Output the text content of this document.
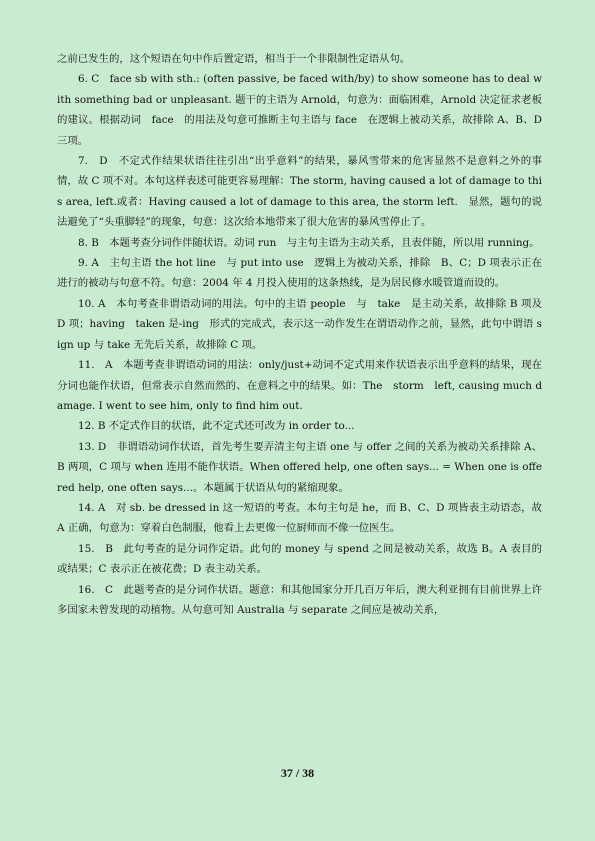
之前已发生的，这个短语在句中作后置定语，相当于一个非限制性定语从句。

6. C　face sb with sth.: (often passive, be faced with/by) to show someone has to deal with something bad or unpleasant. 题干的主语为 Arnold，句意为：面临困难，Arnold 决定征求老板的建议。根据动词　face　的用法及句意可推断主句主语与 face　在逻辑上被动关系，故排除 A、B、D 三项。

7.　D　不定式作结果状语往往引出“出乎意料”的结果，暴风雪带来的危害显然不是意料之外的事情，故 C 项不对。本句这样表述可能更容易理解：The storm, having caused a lot of damage to this area, left.或者：Having caused a lot of damage to this area, the storm left.　显然，题句的说法避免了“头重脚轻”的现象，句意：这次给本地带来了很大危害的暴风雪停止了。

8. B　本题考查分词作伴随状语。动词 run　与主句主语为主动关系，且表伴随，所以用 running。

9. A　主句主语 the hot line　与 put into use　逻辑上为被动关系，排除　B、C；D 项表示正在进行的被动与句意不符。句意：2004 年 4 月投入使用的这条热线，是为居民修水暖管道而设的。

10. A　本句考查非谓语动词的用法。句中的主语 people　与　take　是主动关系，故排除 B 项及 D 项；having　taken 是-ing　形式的完成式，表示这一动作发生在谓语动作之前，显然，此句中谓语 sign up 与 take 无先后关系，故排除 C 项。

11.　A　本题考查非谓语动词的用法：only/just+动词不定式用来作状语表示出乎意料的结果，现在分词也能作状语，但常表示自然而然的、在意料之中的结果。如：The　storm　left, causing much damage. I went to see him, only to find him out.

12. B 不定式作目的状语，此不定式还可改为 in order to...

13. D　非谓语动词作状语，首先考生要弄清主句主语 one 与 offer 之间的关系为被动关系排除 A、B 两项，C 项与 when 连用不能作状语。When offered help, one often says... = When one is offered help, one often says...。本题属于状语从句的紧缩现象。

14. A　对 sb. be dressed in 这一短语的考查。本句主句是 he，而 B、C、D 项皆表主动语态，故 A 正确，句意为：穿着白色制服，他看上去更像一位厨师而不像一位医生。

15.　B　此句考查的是分词作定语。此句的 money 与 spend 之间是被动关系，故选 B。A 表目的或结果；C 表示正在被花费；D 表主动关系。

16.　C　此题考查的是分词作状语。题意：和其他国家分开几百万年后，澳大利亚拥有目前世界上许多国家未曾发现的动植物。从句意可知 Australia 与 separate 之间应是被动关系，

37 / 38
